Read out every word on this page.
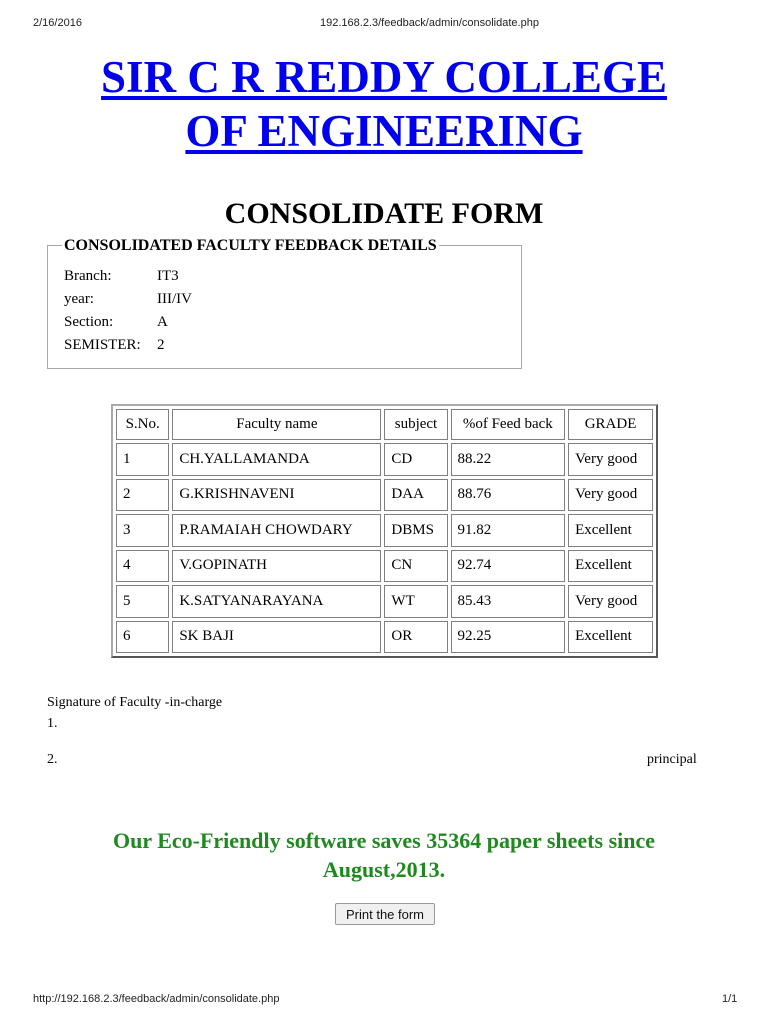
2/16/2016	192.168.2.3/feedback/admin/consolidate.php
SIR C R REDDY COLLEGE
OF ENGINEERING
CONSOLIDATE FORM
CONSOLIDATED FACULTY FEEDBACK DETAILS
Branch:	IT3
year:	III/IV
Section:	A
SEMISTER:	2
S.No.	Faculty name	subject	%of Feed back	GRADE
1	CH.YALLAMANDA	CD	88.22	Very good
2	G.KRISHNAVENI	DAA	88.76	Very good
3	P.RAMAIAH CHOWDARY	DBMS	91.82	Excellent
4	V.GOPINATH	CN	92.74	Excellent
5	K.SATYANARAYANA	WT	85.43	Very good
6	SK BAJI	OR	92.25	Excellent
Signature of Faculty -in-charge
1.
2.	principal

Our Eco-Friendly software saves 35364 paper sheets since
August,2013.

Print the form
http://192.168.2.3/feedback/admin/consolidate.php	1/1
